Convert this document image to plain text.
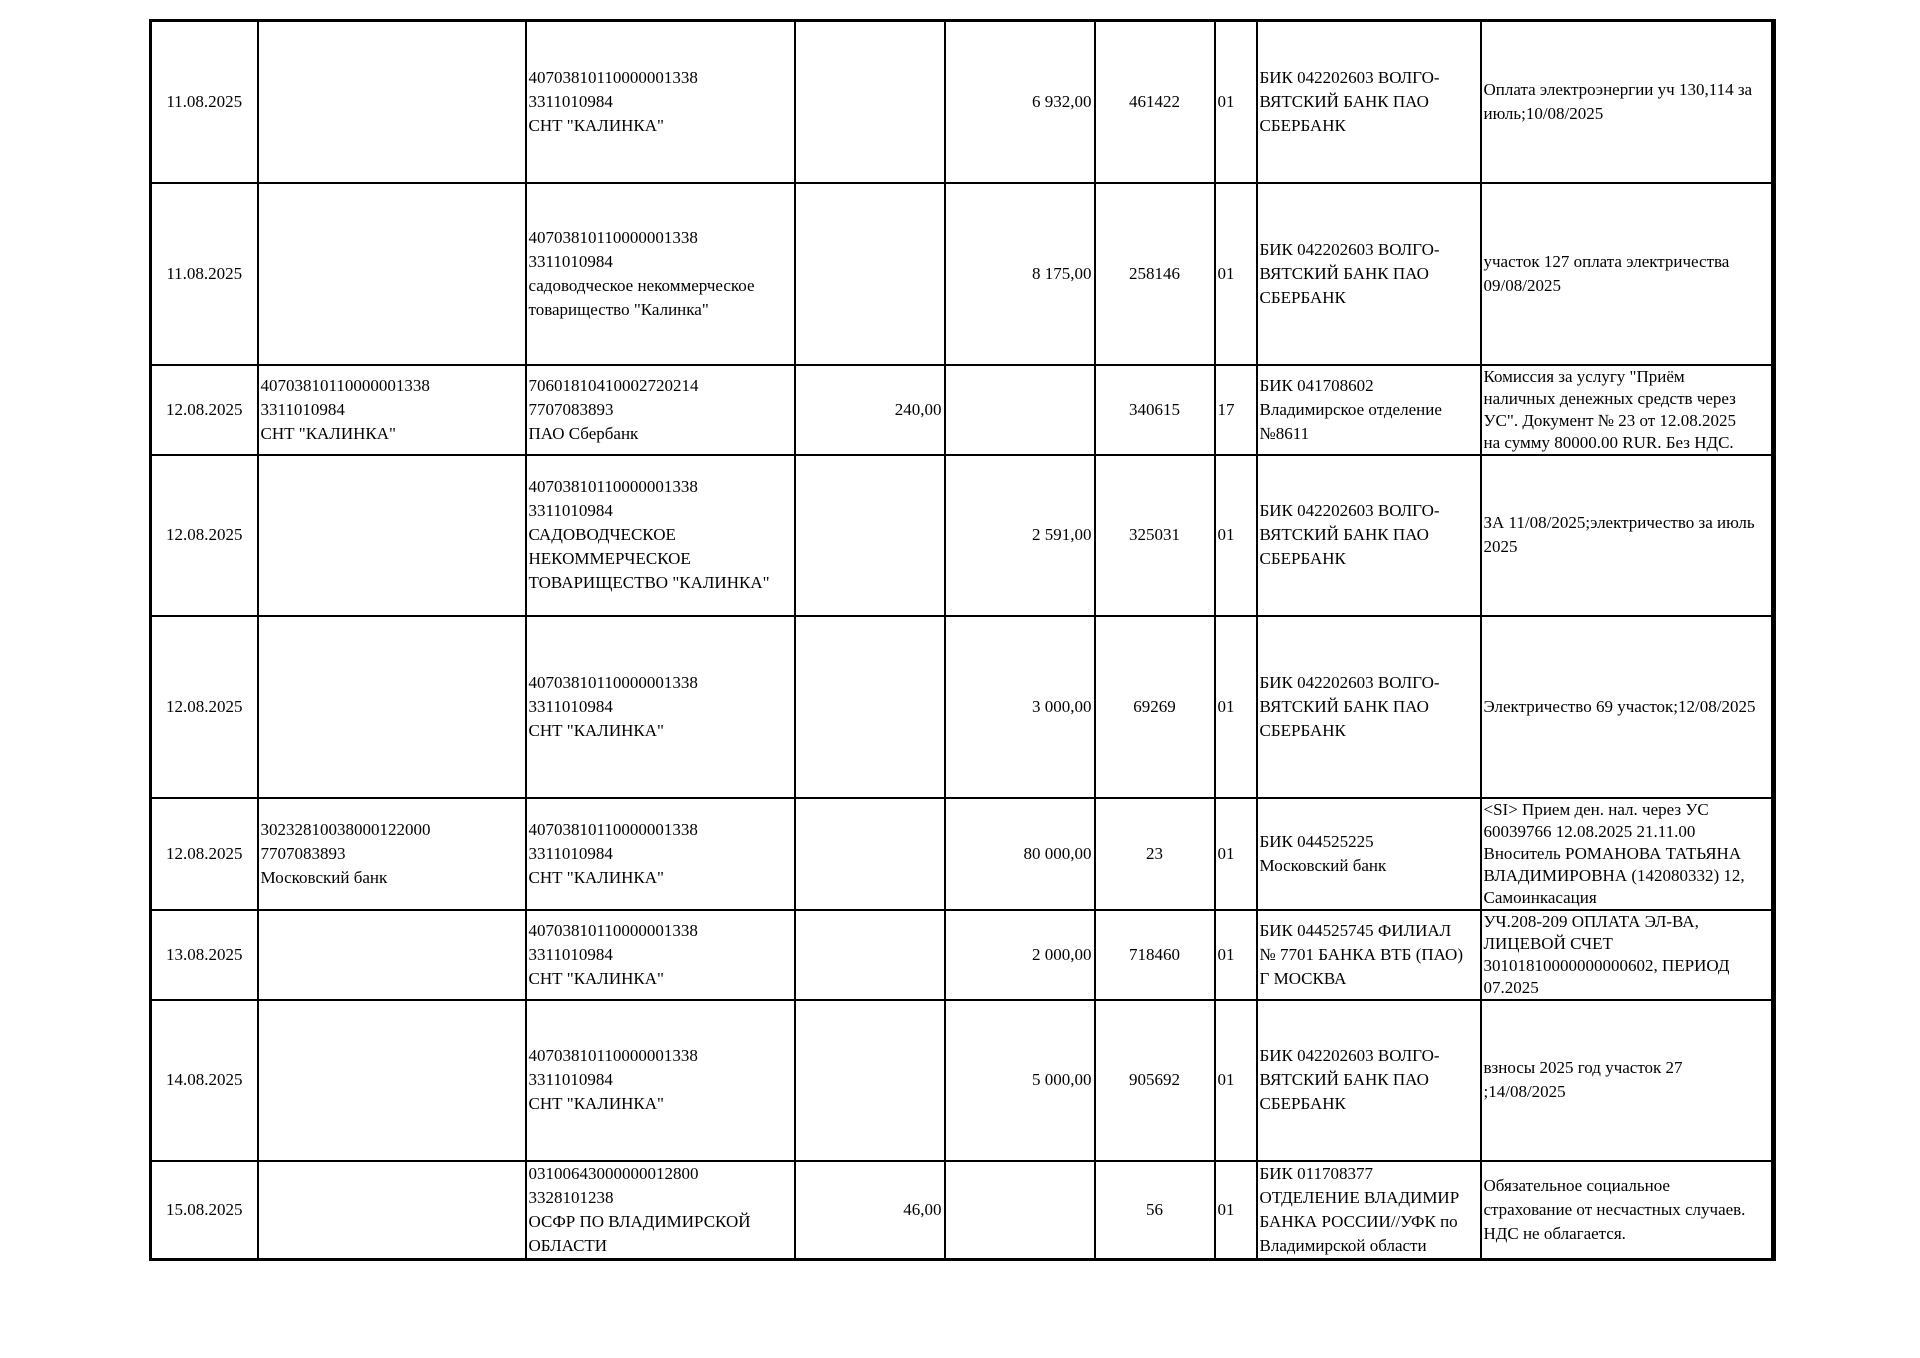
11.08.2025		40703810110000001338
3311010984
СНТ "КАЛИНКА"		6 932,00	461422	01	БИК 042202603 ВОЛГО-
ВЯТСКИЙ БАНК ПАО
СБЕРБАНК	Оплата электроэнергии уч 130,114 за
июль;10/08/2025

11.08.2025		40703810110000001338
3311010984
садоводческое некоммерческое
товарищество "Калинка"		8 175,00	258146	01	БИК 042202603 ВОЛГО-
ВЯТСКИЙ БАНК ПАО
СБЕРБАНК	участок 127 оплата электричества
09/08/2025

12.08.2025	40703810110000001338
3311010984
СНТ "КАЛИНКА"	70601810410002720214
7707083893
ПАО Сбербанк	240,00		340615	17	БИК 041708602
Владимирское отделение
№8611	Комиссия за услугу "Приём
наличных денежных средств через
УС". Документ № 23 от 12.08.2025
на сумму 80000.00 RUR. Без НДС.

12.08.2025		40703810110000001338
3311010984
САДОВОДЧЕСКОЕ
НЕКОММЕРЧЕСКОЕ
ТОВАРИЩЕСТВО "КАЛИНКА"		2 591,00	325031	01	БИК 042202603 ВОЛГО-
ВЯТСКИЙ БАНК ПАО
СБЕРБАНК	ЗА 11/08/2025;электричество за июль
2025

12.08.2025		40703810110000001338
3311010984
СНТ "КАЛИНКА"		3 000,00	69269	01	БИК 042202603 ВОЛГО-
ВЯТСКИЙ БАНК ПАО
СБЕРБАНК	Электричество 69 участок;12/08/2025

12.08.2025	30232810038000122000
7707083893
Московский банк	40703810110000001338
3311010984
СНТ "КАЛИНКА"		80 000,00	23	01	БИК 044525225
Московский банк	<SI> Прием ден. нал. через УС
60039766 12.08.2025 21.11.00
Вноситель РОМАНОВА ТАТЬЯНА
ВЛАДИМИРОВНА (142080332) 12,
Самоинкасация

13.08.2025		40703810110000001338
3311010984
СНТ "КАЛИНКА"		2 000,00	718460	01	БИК 044525745 ФИЛИАЛ
№ 7701 БАНКА ВТБ (ПАО)
Г МОСКВА	УЧ.208-209 ОПЛАТА ЭЛ-ВА,
ЛИЦЕВОЙ СЧЕТ
30101810000000000602, ПЕРИОД
07.2025

14.08.2025		40703810110000001338
3311010984
СНТ "КАЛИНКА"		5 000,00	905692	01	БИК 042202603 ВОЛГО-
ВЯТСКИЙ БАНК ПАО
СБЕРБАНК	взносы 2025 год участок 27
;14/08/2025

15.08.2025		03100643000000012800
3328101238
ОСФР ПО ВЛАДИМИРСКОЙ
ОБЛАСТИ	46,00		56	01	БИК 011708377
ОТДЕЛЕНИЕ ВЛАДИМИР
БАНКА РОССИИ//УФК по
Владимирской области	Обязательное социальное
страхование от несчастных случаев.
НДС не облагается.
